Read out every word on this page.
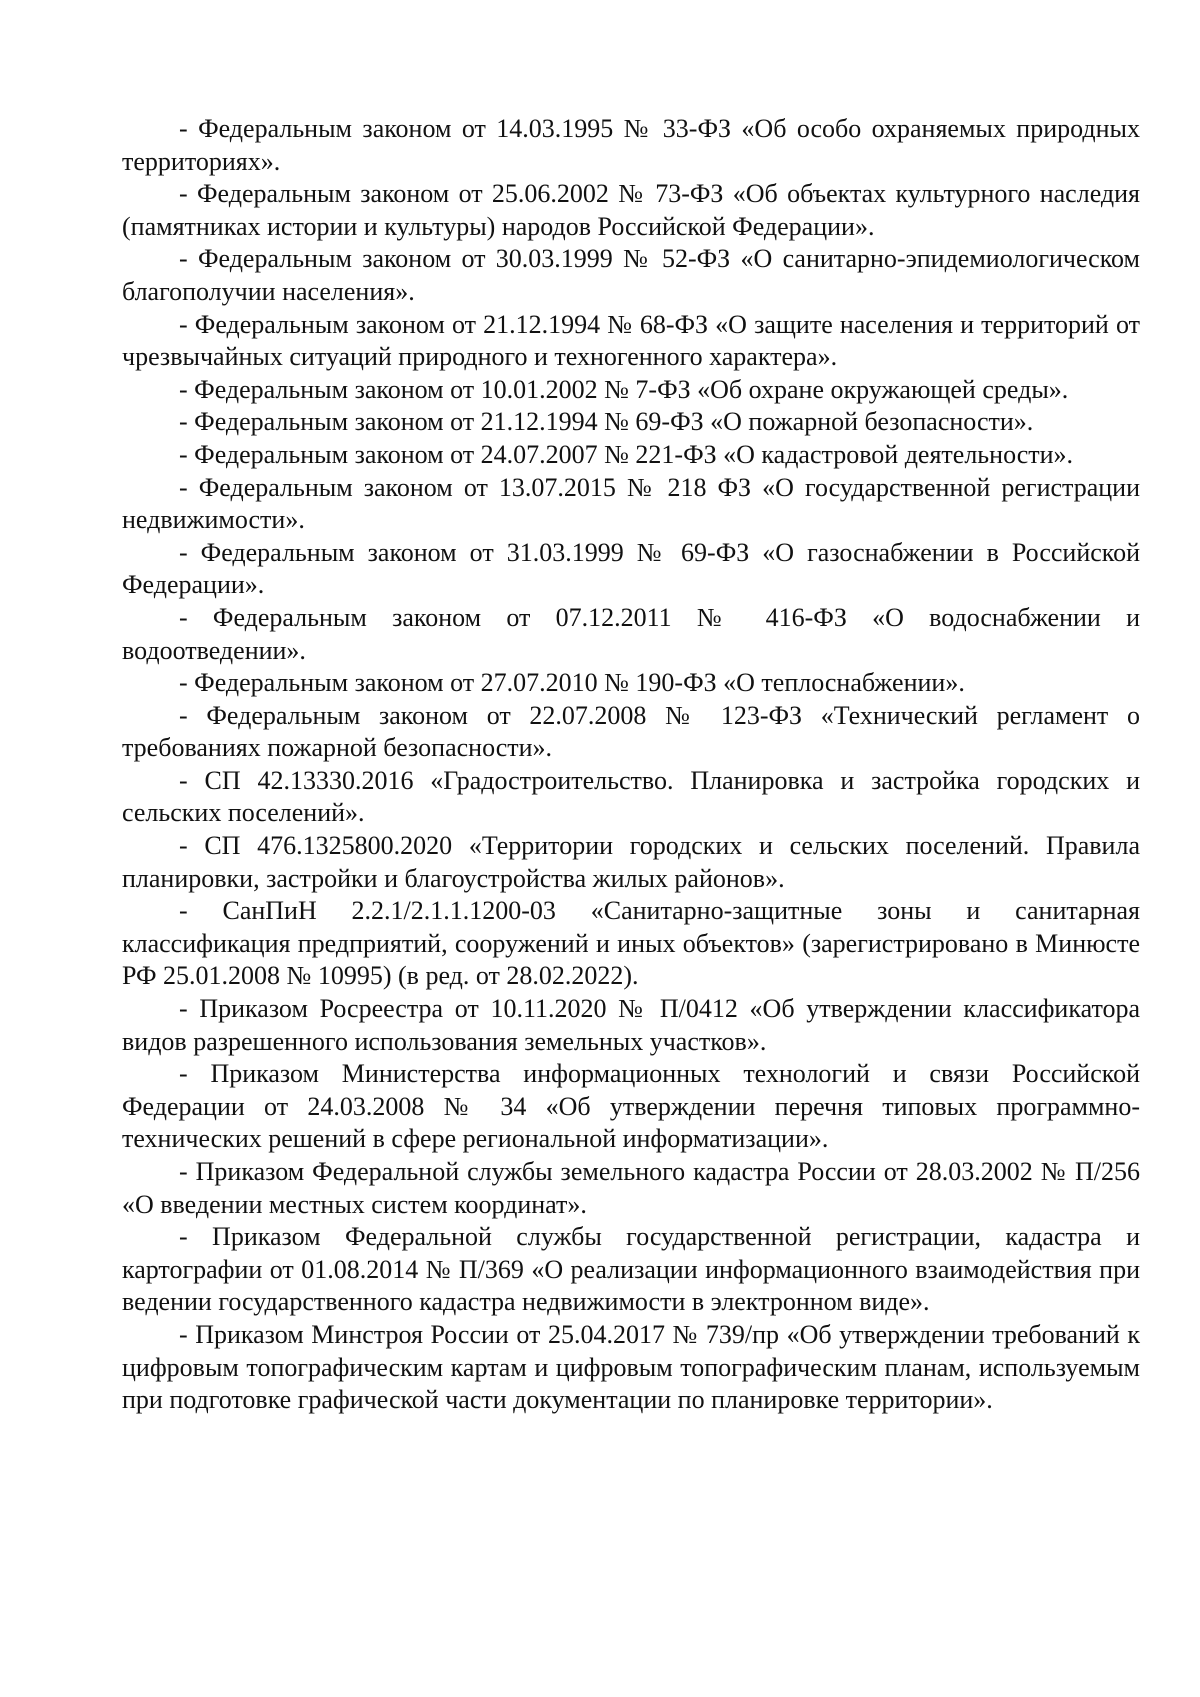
- Федеральным законом от 14.03.1995 № 33-ФЗ «Об особо охраняемых природных территориях».

- Федеральным законом от 25.06.2002 № 73-ФЗ «Об объектах культурного наследия (памятниках истории и культуры) народов Российской Федерации».

- Федеральным законом от 30.03.1999 № 52-ФЗ «О санитарно-эпидемиологическом благополучии населения».

- Федеральным законом от 21.12.1994 № 68-ФЗ «О защите населения и территорий от чрезвычайных ситуаций природного и техногенного характера».

- Федеральным законом от 10.01.2002 № 7-ФЗ «Об охране окружающей среды».

- Федеральным законом от 21.12.1994 № 69-ФЗ «О пожарной безопасности».

- Федеральным законом от 24.07.2007 № 221-ФЗ «О кадастровой деятельности».

- Федеральным законом от 13.07.2015 № 218 ФЗ «О государственной регистрации недвижимости».

- Федеральным законом от 31.03.1999 № 69-ФЗ «О газоснабжении в Российской Федерации».

- Федеральным законом от 07.12.2011 № 416-ФЗ «О водоснабжении и водоотведении».

- Федеральным законом от 27.07.2010 № 190-ФЗ «О теплоснабжении».

- Федеральным законом от 22.07.2008 № 123-ФЗ «Технический регламент о требованиях пожарной безопасности».

- СП 42.13330.2016 «Градостроительство. Планировка и застройка городских и сельских поселений».

- СП 476.1325800.2020 «Территории городских и сельских поселений. Правила планировки, застройки и благоустройства жилых районов».

- СанПиН 2.2.1/2.1.1.1200-03 «Санитарно-защитные зоны и санитарная классификация предприятий, сооружений и иных объектов» (зарегистрировано в Минюсте РФ 25.01.2008 № 10995) (в ред. от 28.02.2022).

- Приказом Росреестра от 10.11.2020 № П/0412 «Об утверждении классификатора видов разрешенного использования земельных участков».

- Приказом Министерства информационных технологий и связи Российской Федерации от 24.03.2008 № 34 «Об утверждении перечня типовых программно-технических решений в сфере региональной информатизации».

- Приказом Федеральной службы земельного кадастра России от 28.03.2002 № П/256 «О введении местных систем координат».

- Приказом Федеральной службы государственной регистрации, кадастра и картографии от 01.08.2014 № П/369 «О реализации информационного взаимодействия при ведении государственного кадастра недвижимости в электронном виде».

- Приказом Минстроя России от 25.04.2017 № 739/пр «Об утверждении требований к цифровым топографическим картам и цифровым топографическим планам, используемым при подготовке графической части документации по планировке территории».
